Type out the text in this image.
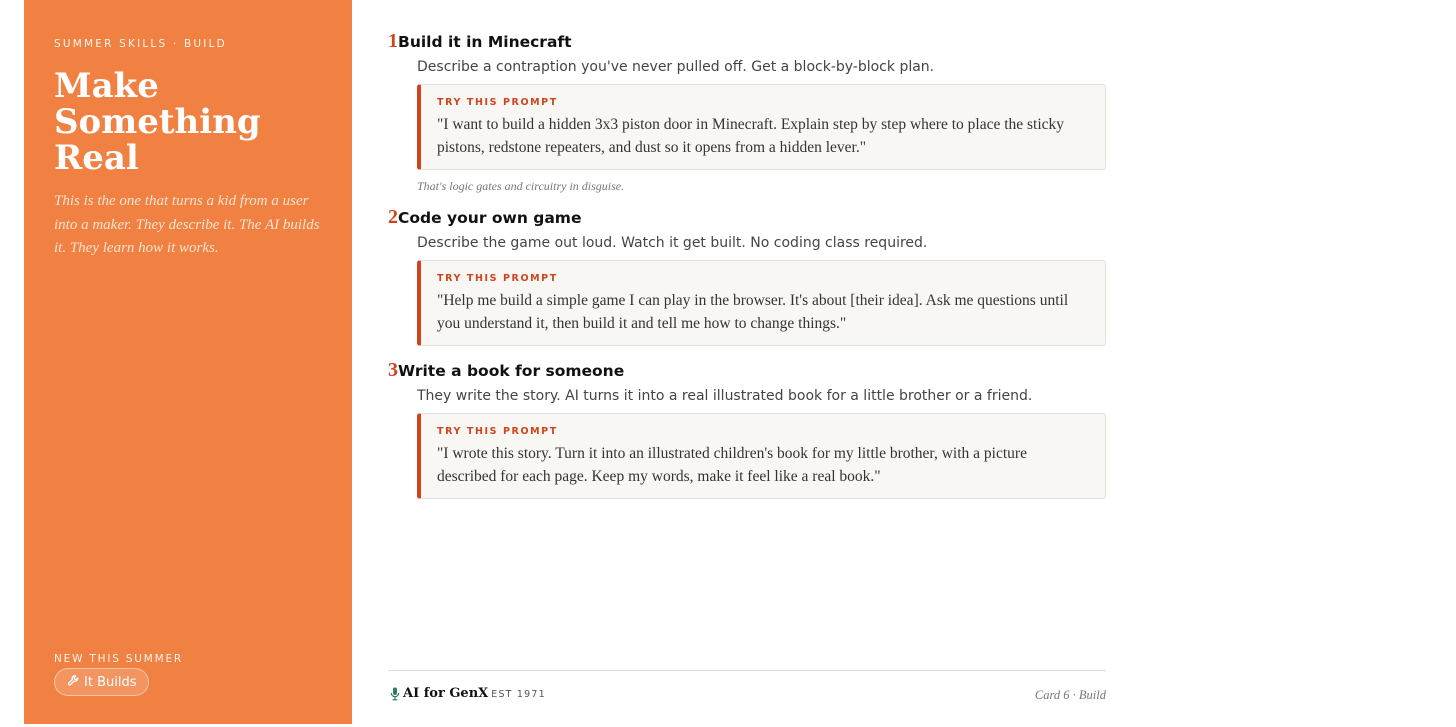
SUMMER SKILLS · BUILD
Make Something Real

This is the one that turns a kid from a user into a maker. They describe it. The AI builds it. They learn how it works.

NEW THIS SUMMER
It Builds
1 Build it in Minecraft

Describe a contraption you've never pulled off. Get a block-by-block plan.

TRY THIS PROMPT

"I want to build a hidden 3x3 piston door in Minecraft. Explain step by step where to place the sticky pistons, redstone repeaters, and dust so it opens from a hidden lever."

That's logic gates and circuitry in disguise.

2 Code your own game

Describe the game out loud. Watch it get built. No coding class required.

TRY THIS PROMPT

"Help me build a simple game I can play in the browser. It's about [their idea]. Ask me questions until you understand it, then build it and tell me how to change things."

3 Write a book for someone

They write the story. AI turns it into a real illustrated book for a little brother or a friend.

TRY THIS PROMPT

"I wrote this story. Turn it into an illustrated children's book for my little brother, with a picture described for each page. Keep my words, make it feel like a real book."

AI for GenX EST 1971	Card 6 · Build
